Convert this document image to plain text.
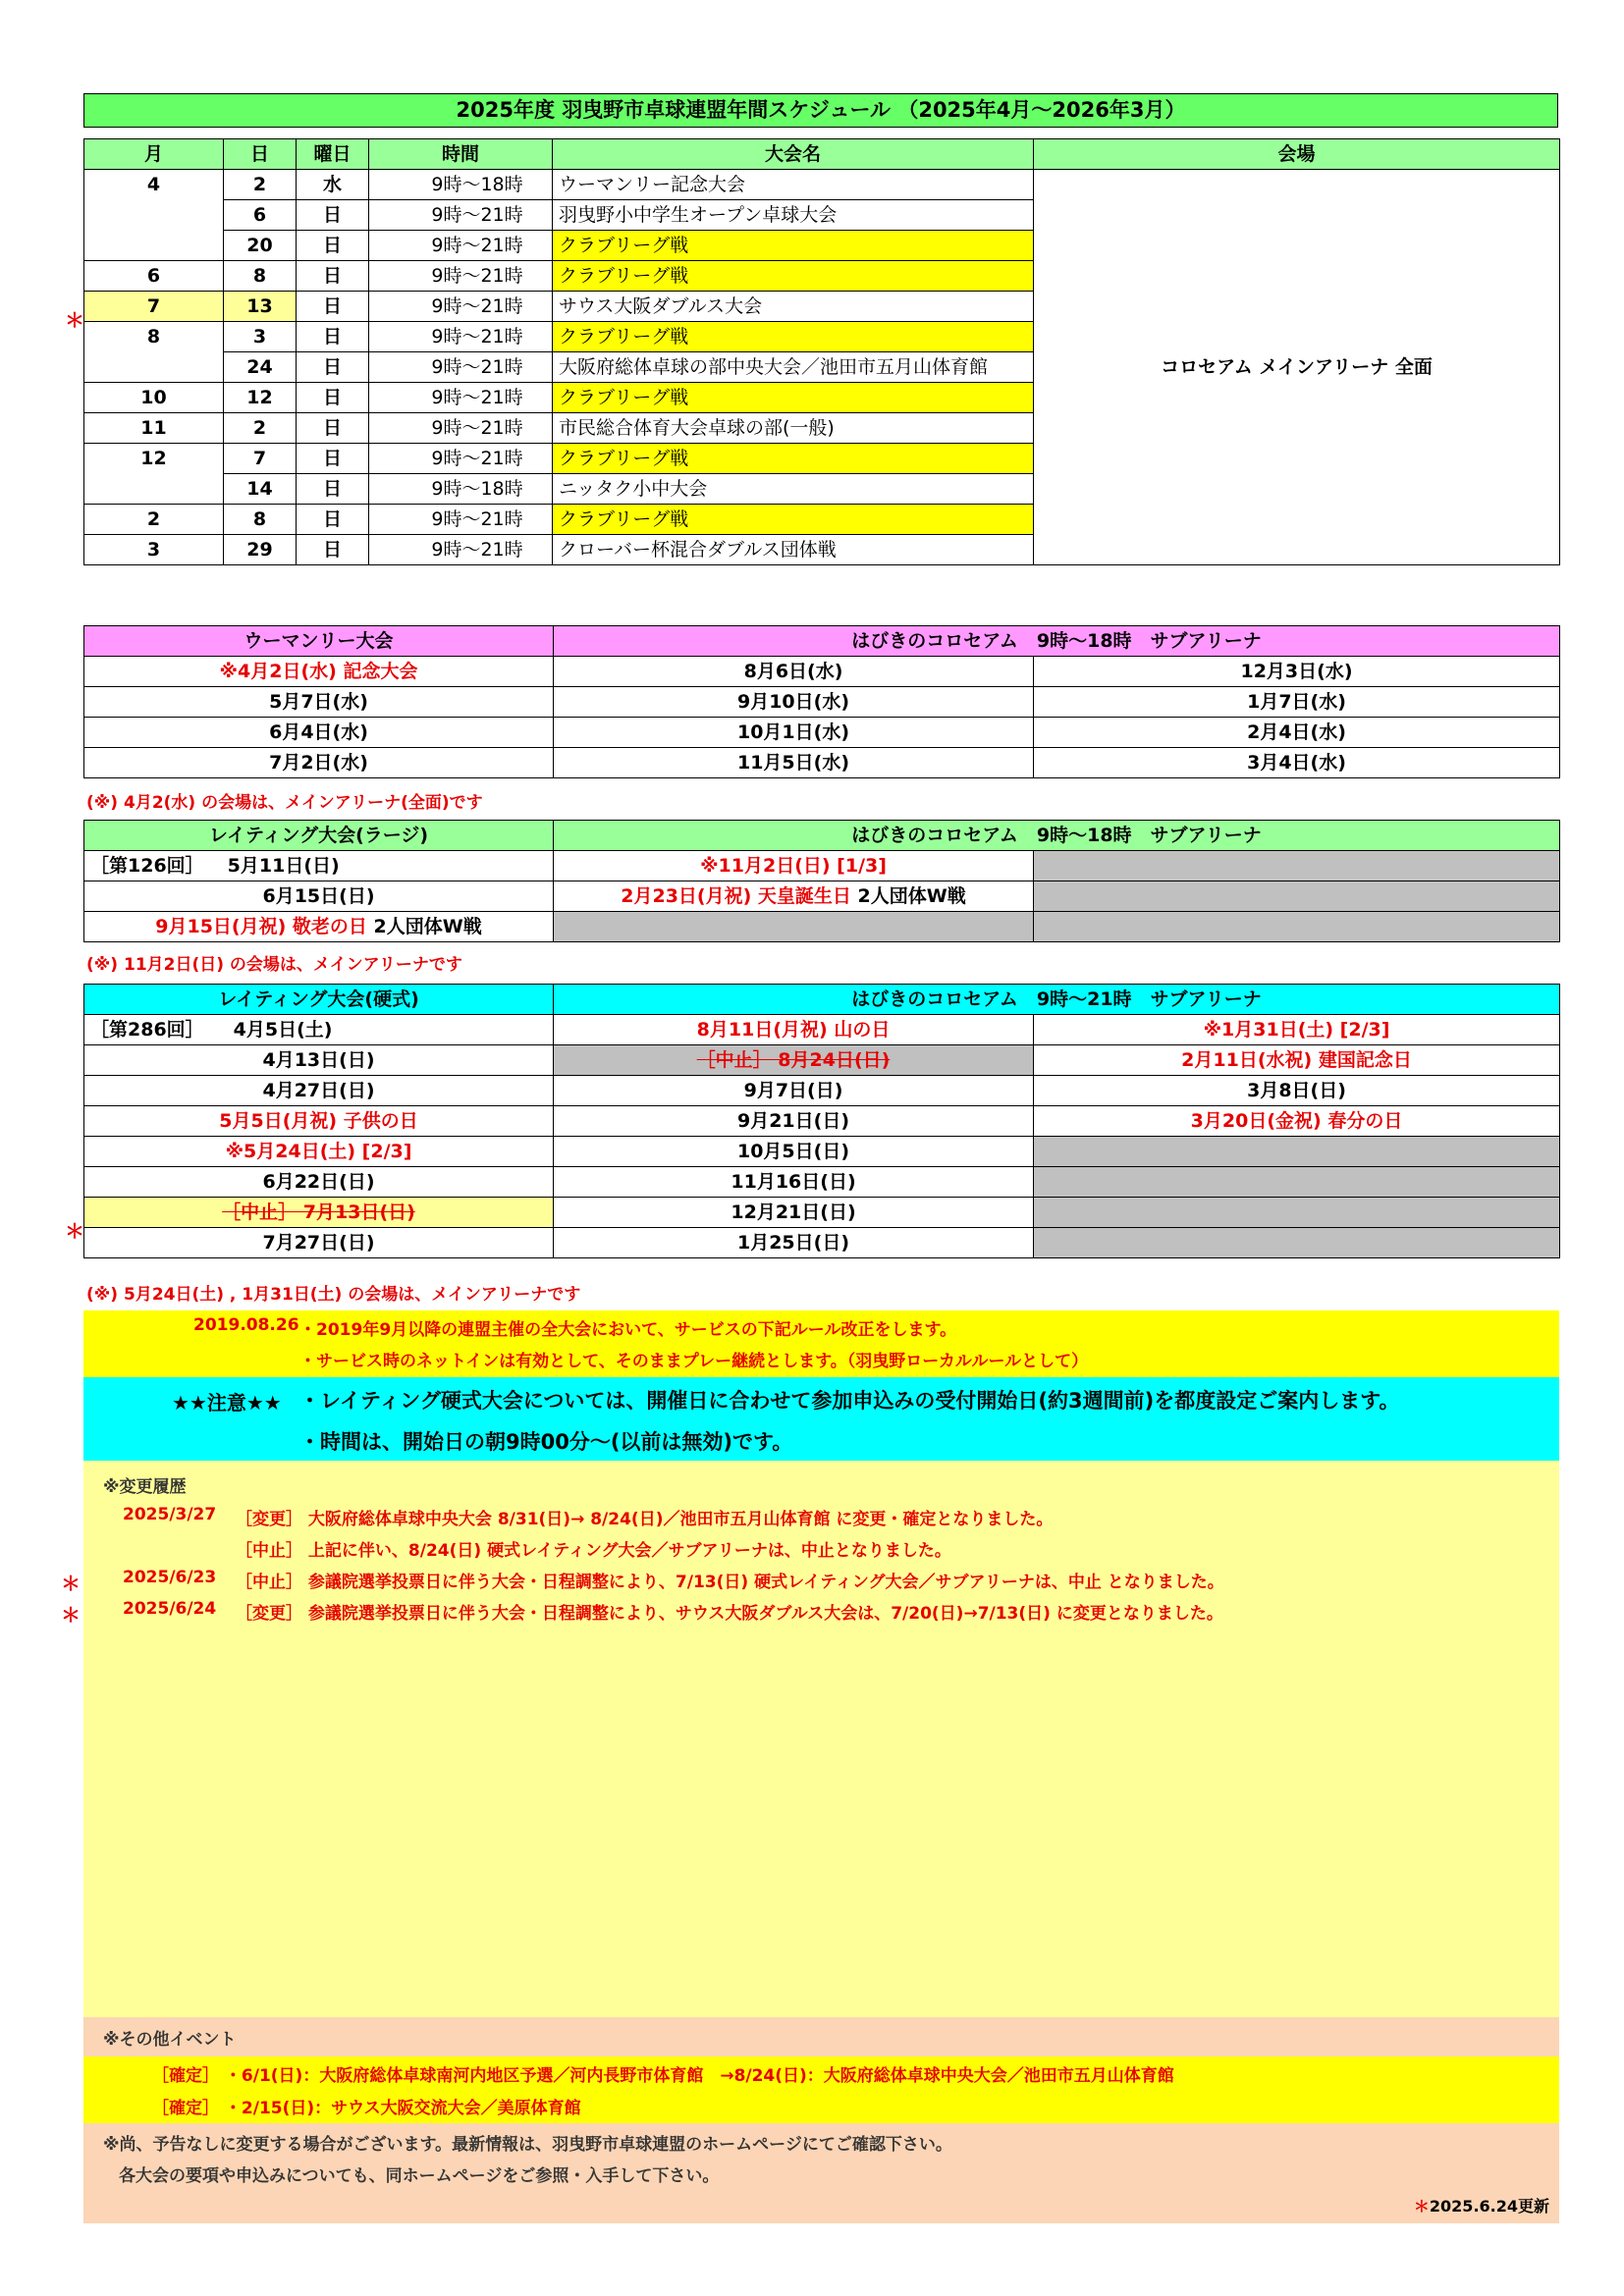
2025年度 羽曳野市卓球連盟年間スケジュール （2025年4月～2026年3月）
月	日	曜日	時間	大会名	会場
4	2	水	9時～18時	ウーマンリー記念大会	コロセアム メインアリーナ 全面
	6	日	9時～21時	羽曳野小中学生オープン卓球大会	
	20	日	9時～21時	クラブリーグ戦	
6	8	日	9時～21時	クラブリーグ戦	
7	13	日	9時～21時	サウス大阪ダブルス大会	
8	3	日	9時～21時	クラブリーグ戦	
	24	日	9時～21時	大阪府総体卓球の部中央大会／池田市五月山体育館	
10	12	日	9時～21時	クラブリーグ戦	
11	2	日	9時～21時	市民総合体育大会卓球の部(一般)	
12	7	日	9時～21時	クラブリーグ戦	
	14	日	9時～18時	ニッタク小中大会	
2	8	日	9時～21時	クラブリーグ戦	
3	29	日	9時～21時	クローバー杯混合ダブルス団体戦	
＊
ウーマンリー大会	はびきのコロセアム　9時～18時　サブアリーナ	
※4月2日(水) 記念大会	8月6日(水)	12月3日(水)
5月7日(水)	9月10日(水)	1月7日(水)
6月4日(水)	10月1日(水)	2月4日(水)
7月2日(水)	11月5日(水)	3月4日(水)
(※) 4月2(水) の会場は、メインアリーナ(全面)です
レイティング大会(ラージ)	はびきのコロセアム　9時～18時　サブアリーナ	
［第126回］ 5月11日(日)	※11月2日(日) [1/3]	
6月15日(日)	2月23日(月祝) 天皇誕生日 2人団体W戦	
9月15日(月祝) 敬老の日 2人団体W戦		
(※) 11月2日(日) の会場は、メインアリーナです
レイティング大会(硬式)	はびきのコロセアム　9時～21時　サブアリーナ	
［第286回］ 4月5日(土)	8月11日(月祝) 山の日	※1月31日(土) [2/3]
4月13日(日)	［中止］ 8月24日(日)	2月11日(水祝) 建国記念日
4月27日(日)	9月7日(日)	3月8日(日)
5月5日(月祝) 子供の日	9月21日(日)	3月20日(金祝) 春分の日
※5月24日(土) [2/3]	10月5日(日)	
6月22日(日)	11月16日(日)	
［中止］ 7月13日(日)	12月21日(日)	
7月27日(日)	1月25日(日)	
＊
(※) 5月24日(土) , 1月31日(土) の会場は、メインアリーナです
2019.08.26 ・2019年9月以降の連盟主催の全大会において、サービスの下記ルール改正をします。
・サービス時のネットインは有効として、そのままプレー継続とします。（羽曳野ローカルルールとして）
★★注意★★ ・レイティング硬式大会については、開催日に合わせて参加申込みの受付開始日(約3週間前)を都度設定ご案内します。
・時間は、開始日の朝9時00分～(以前は無効)です。
※変更履歴
2025/3/27 ［変更］ 大阪府総体卓球中央大会 8/31(日)→ 8/24(日)／池田市五月山体育館 に変更・確定となりました。
［中止］ 上記に伴い、8/24(日) 硬式レイティング大会／サブアリーナは、中止となりました。
2025/6/23 ［中止］ 参議院選挙投票日に伴う大会・日程調整により、7/13(日) 硬式レイティング大会／サブアリーナは、中止 となりました。
2025/6/24 ［変更］ 参議院選挙投票日に伴う大会・日程調整により、サウス大阪ダブルス大会は、7/20(日)→7/13(日) に変更となりました。
＊
＊
※その他イベント
［確定］ ・6/1(日)：大阪府総体卓球南河内地区予選／河内長野市体育館　→8/24(日)：大阪府総体卓球中央大会／池田市五月山体育館
［確定］ ・2/15(日)：サウス大阪交流大会／美原体育館
※尚、予告なしに変更する場合がございます。最新情報は、羽曳野市卓球連盟のホームページにてご確認下さい。
各大会の要項や申込みについても、同ホームページをご参照・入手して下さい。
＊2025.6.24更新
